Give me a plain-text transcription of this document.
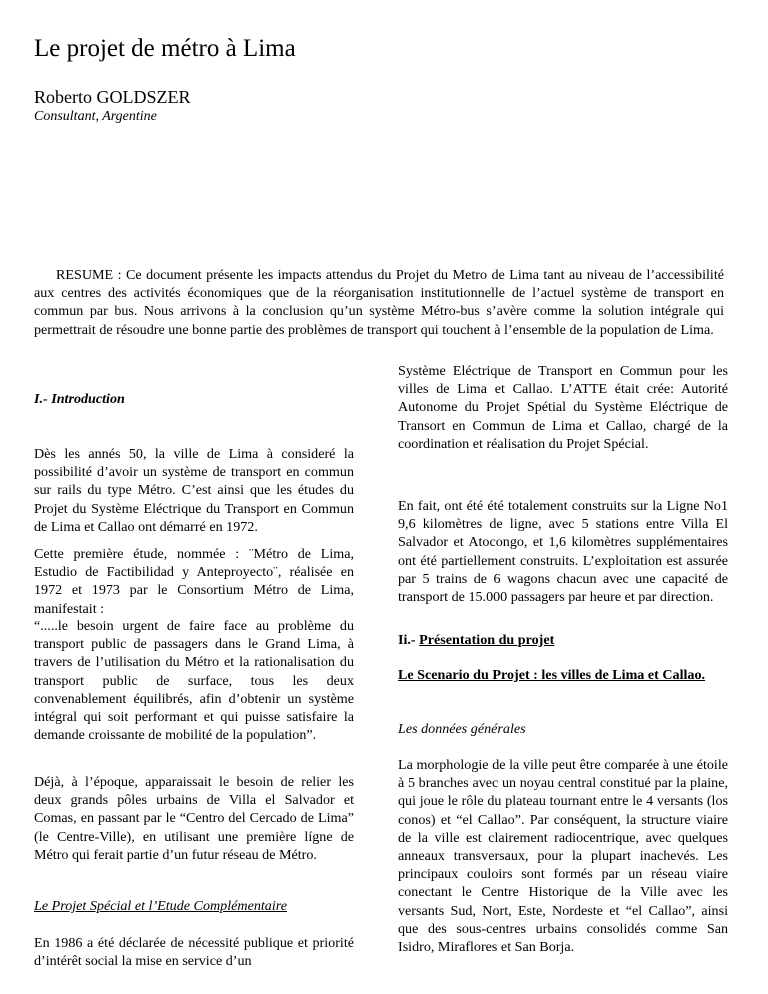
Le projet de métro à Lima
Roberto GOLDSZER
Consultant, Argentine

RESUME : Ce document présente les impacts attendus du Projet du Metro de Lima tant au niveau de l’accessibilité aux centres des activités économiques que de la réorganisation institutionnelle de l’actuel système de transport en commun par bus. Nous arrivons à la conclusion qu’un système Métro-bus s’avère comme la solution intégrale qui permettrait de résoudre une bonne partie des problèmes de transport qui touchent à l’ensemble de la population de Lima.

I.- Introduction

Dès les annés 50, la ville de Lima à consideré la possibilité d’avoir un système de transport en commun sur rails du type Métro. C’est ainsi que les études du Projet du Système Eléctrique du Transport en Commun de Lima et Callao ont démarré en 1972.

Cette première étude, nommée : ¨Métro de Lima, Estudio de Factibilidad y Anteproyecto¨, réalisée en 1972 et 1973 par le Consortium Métro de Lima, manifestait :

“.....le besoin urgent de faire face au problème du transport public de passagers dans le Grand Lima, à travers de l’utilisation du Métro et la rationalisation du transport public de surface, tous les deux convenablement équilibrés, afin d’obtenir un système intégral qui soit performant et qui puisse satisfaire la demande croissante de mobilité de la population”.

Déjà, à l’époque, apparaissait le besoin de relier les deux grands pôles urbains de Villa el Salvador et Comas, en passant par le “Centro del Cercado de Lima” (le Centre-Ville), en utilisant une première lígne de Métro qui ferait partie d’un futur réseau de Métro.

Le Projet Spécial et l’Etude Complémentaire

En 1986 a été déclarée de nécessité publique et priorité d’intérêt social la mise en service d’un

Système Eléctrique de Transport en Commun pour les villes de Lima et Callao. L’ATTE était crée: Autorité Autonome du Projet Spétial du Système Eléctrique de Transort en Commun de Lima et Callao, chargé de la coordination et réalisation du Projet Spécial.

En fait, ont été été totalement construits sur la Ligne No1 9,6 kilomètres de ligne, avec 5 stations entre Villa El Salvador et Atocongo, et 1,6 kilomètres supplémentaires ont été partiellement construits. L’exploitation est assurée par 5 trains de 6 wagons chacun avec une capacité de transport de 15.000 passagers par heure et par direction.

Ii.- Présentation du projet

Le Scenario du Projet : les villes de Lima et Callao.

Les données générales

La morphologie de la ville peut être comparée à une étoile à 5 branches avec un noyau central constitué par la plaine, qui joue le rôle du plateau tournant entre le 4 versants (los conos) et “el Callao”. Par conséquent, la structure viaire de la ville est clairement radiocentrique, avec quelques anneaux transversaux, pour la plupart inachevés. Les principaux couloirs sont formés par un réseau viaire conectant le Centre Historique de la Ville avec les versants Sud, Nort, Este, Nordeste et “el Callao”, ainsi que des sous-centres urbains consolidés comme San Isidro, Miraflores et San Borja.
